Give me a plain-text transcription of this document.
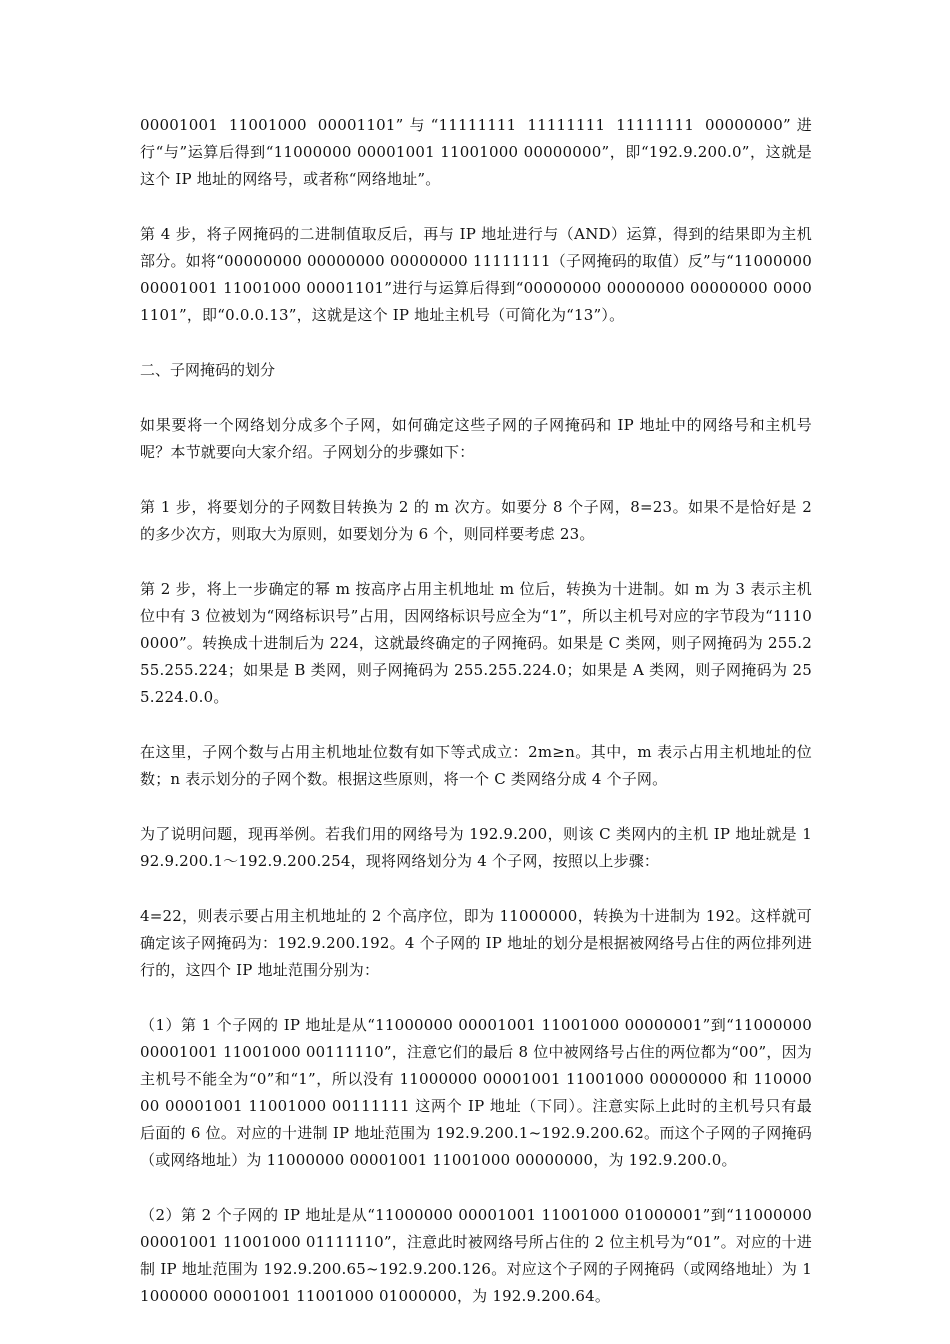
00001001 11001000 00001101”与“11111111 11111111 11111111 00000000”进行“与”运算后得到“11000000 00001001 11001000 00000000”，即“192.9.200.0”，这就是这个 IP 地址的网络号，或者称“网络地址”。

第 4 步，将子网掩码的二进制值取反后，再与 IP 地址进行与（AND）运算，得到的结果即为主机部分。如将“00000000 00000000 00000000 11111111（子网掩码的取值）反”与“11000000 00001001 11001000 00001101”进行与运算后得到“00000000 00000000 00000000 00001101”，即“0.0.0.13”，这就是这个 IP 地址主机号（可简化为“13”）。

二、子网掩码的划分

如果要将一个网络划分成多个子网，如何确定这些子网的子网掩码和 IP 地址中的网络号和主机号呢？本节就要向大家介绍。子网划分的步骤如下：

第 1 步，将要划分的子网数目转换为 2 的 m 次方。如要分 8 个子网，8=23。如果不是恰好是 2 的多少次方，则取大为原则，如要划分为 6 个，则同样要考虑 23。

第 2 步，将上一步确定的幂 m 按高序占用主机地址 m 位后，转换为十进制。如 m 为 3 表示主机位中有 3 位被划为“网络标识号”占用，因网络标识号应全为“1”，所以主机号对应的字节段为“11100000”。转换成十进制后为 224，这就最终确定的子网掩码。如果是 C 类网，则子网掩码为 255.255.255.224；如果是 B 类网，则子网掩码为 255.255.224.0；如果是 A 类网，则子网掩码为 255.224.0.0。

在这里，子网个数与占用主机地址位数有如下等式成立：2m≥n。其中，m 表示占用主机地址的位数；n 表示划分的子网个数。根据这些原则，将一个 C 类网络分成 4 个子网。

为了说明问题，现再举例。若我们用的网络号为 192.9.200，则该 C 类网内的主机 IP 地址就是 192.9.200.1～192.9.200.254，现将网络划分为 4 个子网，按照以上步骤：

4=22，则表示要占用主机地址的 2 个高序位，即为 11000000，转换为十进制为 192。这样就可确定该子网掩码为：192.9.200.192。4 个子网的 IP 地址的划分是根据被网络号占住的两位排列进行的，这四个 IP 地址范围分别为：

（1）第 1 个子网的 IP 地址是从“11000000 00001001 11001000 00000001”到“11000000 00001001 11001000 00111110”，注意它们的最后 8 位中被网络号占住的两位都为“00”，因为主机号不能全为“0”和“1”，所以没有 11000000 00001001 11001000 00000000 和 11000000 00001001 11001000 00111111 这两个 IP 地址（下同）。注意实际上此时的主机号只有最后面的 6 位。对应的十进制 IP 地址范围为 192.9.200.1~192.9.200.62。而这个子网的子网掩码（或网络地址）为 11000000 00001001 11001000 00000000，为 192.9.200.0。

（2）第 2 个子网的 IP 地址是从“11000000 00001001 11001000 01000001”到“11000000 00001001 11001000 01111110”，注意此时被网络号所占住的 2 位主机号为“01”。对应的十进制 IP 地址范围为 192.9.200.65~192.9.200.126。对应这个子网的子网掩码（或网络地址）为 11000000 00001001 11001000 01000000，为 192.9.200.64。
